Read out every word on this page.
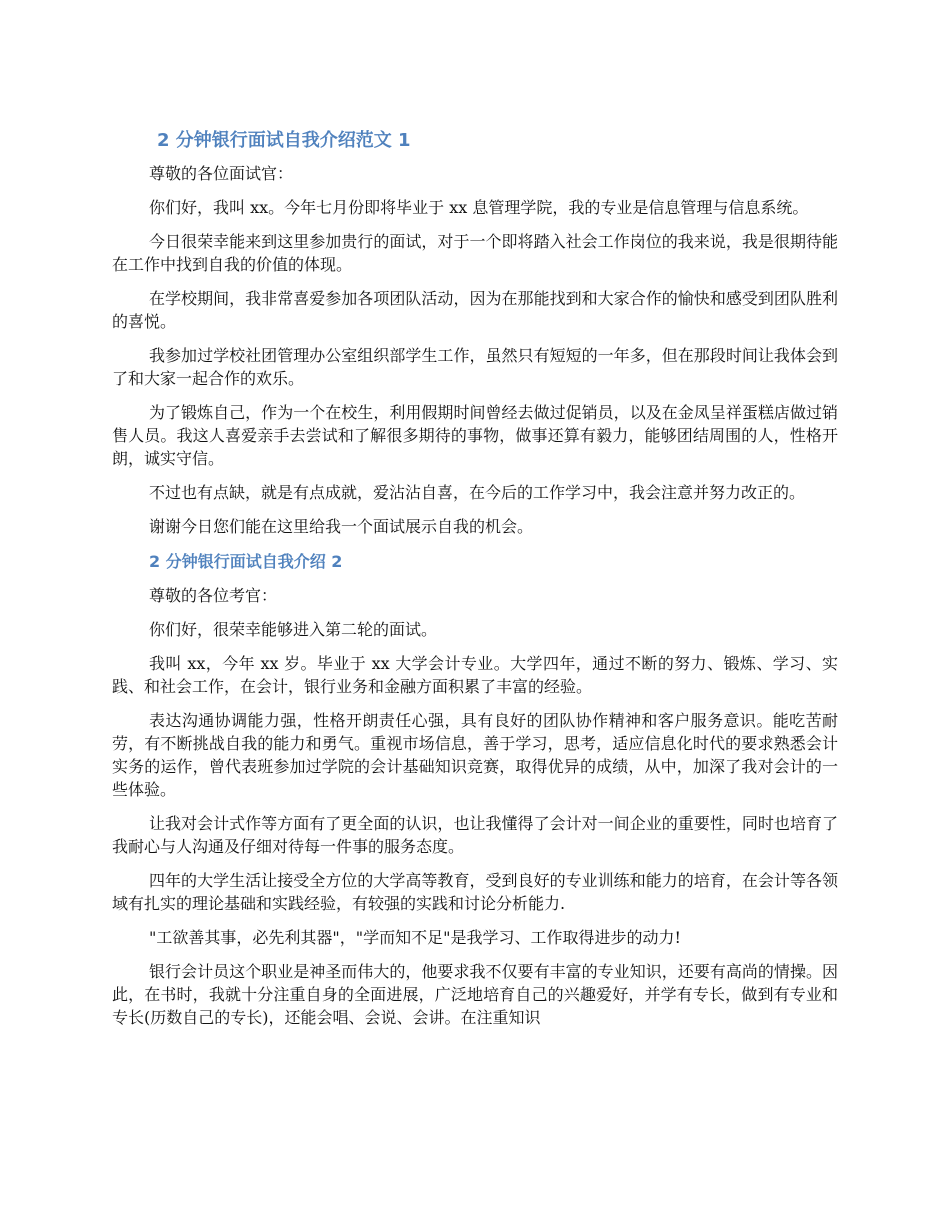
2 分钟银行面试自我介绍范文 1

尊敬的各位面试官：

你们好，我叫 xx。今年七月份即将毕业于 xx 息管理学院，我的专业是信息管理与信息系统。

今日很荣幸能来到这里参加贵行的面试，对于一个即将踏入社会工作岗位的我来说，我是很期待能在工作中找到自我的价值的体现。

在学校期间，我非常喜爱参加各项团队活动，因为在那能找到和大家合作的愉快和感受到团队胜利的喜悦。

我参加过学校社团管理办公室组织部学生工作，虽然只有短短的一年多，但在那段时间让我体会到了和大家一起合作的欢乐。

为了锻炼自己，作为一个在校生，利用假期时间曾经去做过促销员，以及在金凤呈祥蛋糕店做过销售人员。我这人喜爱亲手去尝试和了解很多期待的事物，做事还算有毅力，能够团结周围的人，性格开朗，诚实守信。

不过也有点缺，就是有点成就，爱沾沾自喜，在今后的工作学习中，我会注意并努力改正的。

谢谢今日您们能在这里给我一个面试展示自我的机会。

2 分钟银行面试自我介绍 2

尊敬的各位考官：

你们好，很荣幸能够进入第二轮的面试。

我叫 xx，今年 xx 岁。毕业于 xx 大学会计专业。大学四年，通过不断的努力、锻炼、学习、实践、和社会工作，在会计，银行业务和金融方面积累了丰富的经验。

表达沟通协调能力强，性格开朗责任心强，具有良好的团队协作精神和客户服务意识。能吃苦耐劳，有不断挑战自我的能力和勇气。重视市场信息，善于学习，思考，适应信息化时代的要求熟悉会计实务的运作，曾代表班参加过学院的会计基础知识竞赛，取得优异的成绩，从中，加深了我对会计的一些体验。

让我对会计式作等方面有了更全面的认识，也让我懂得了会计对一间企业的重要性，同时也培育了我耐心与人沟通及仔细对待每一件事的服务态度。

四年的大学生活让接受全方位的大学高等教育，受到良好的专业训练和能力的培育，在会计等各领域有扎实的理论基础和实践经验，有较强的实践和讨论分析能力.

"工欲善其事，必先利其器"，"学而知不足"是我学习、工作取得进步的动力!

银行会计员这个职业是神圣而伟大的，他要求我不仅要有丰富的专业知识，还要有高尚的情操。因此，在书时，我就十分注重自身的全面进展，广泛地培育自己的兴趣爱好，并学有专长，做到有专业和专长(历数自己的专长)，还能会唱、会说、会讲。在注重知识
